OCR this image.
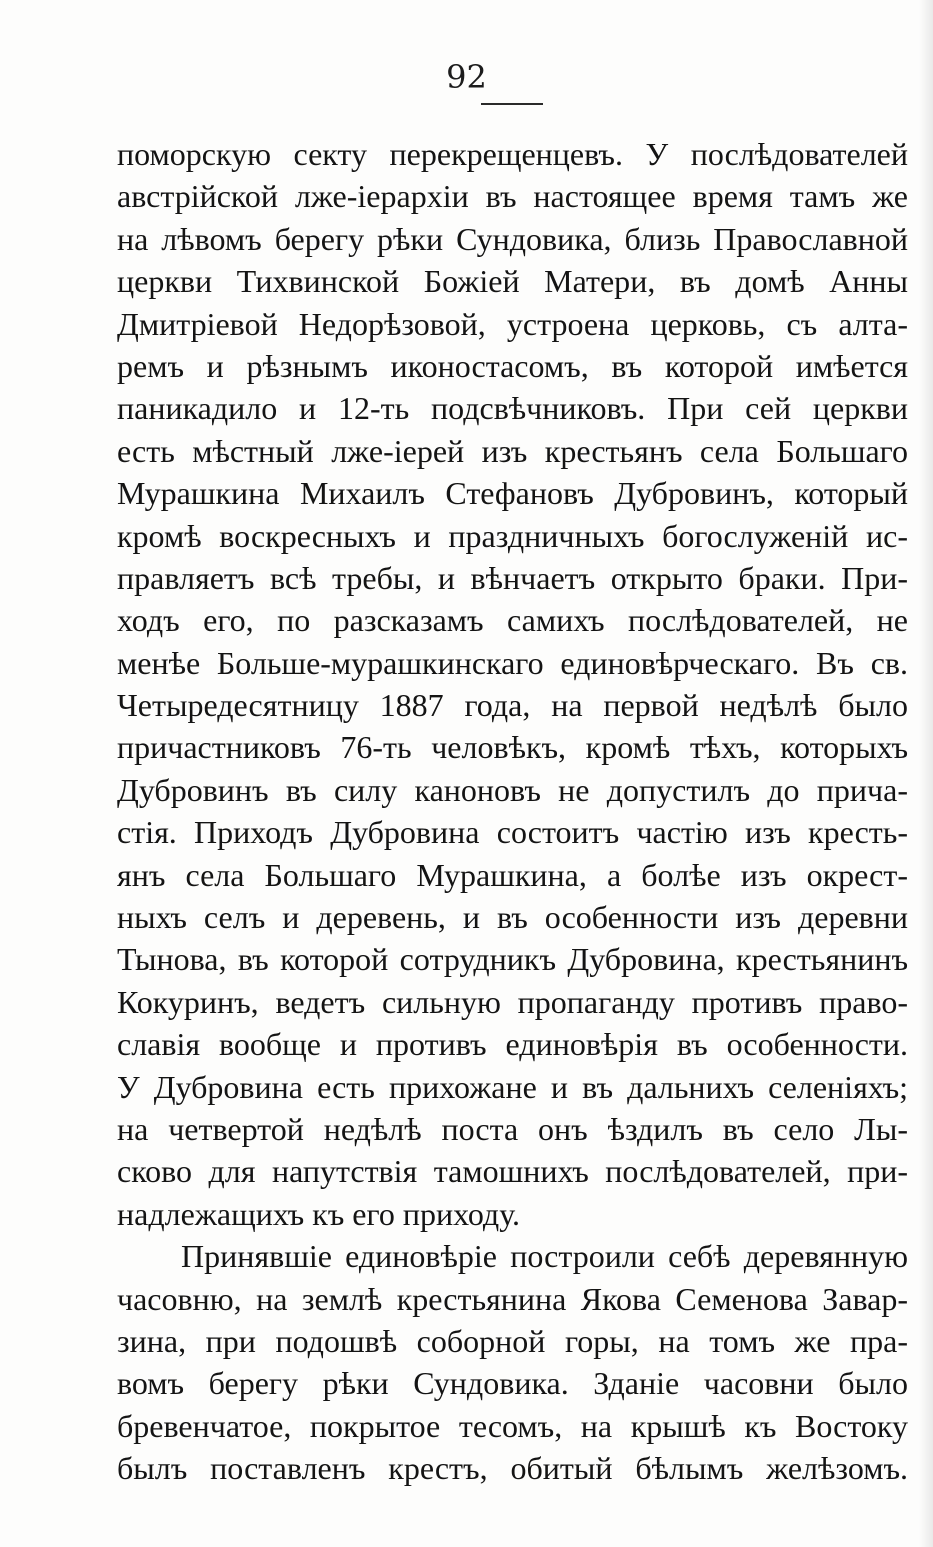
92
поморскую секту перекрещенцевъ. У послѣдователей
австрійской лже-іерархіи въ настоящее время тамъ же
на лѣвомъ берегу рѣки Сундовика, близь Православной
церкви Тихвинской Божіей Матери, въ домѣ Анны
Дмитріевой Недорѣзовой, устроена церковь, съ алта-
ремъ и рѣзнымъ иконостасомъ, въ которой имѣется
паникадило и 12-ть подсвѣчниковъ. При сей церкви
есть мѣстный лже-іерей изъ крестьянъ села Большаго
Мурашкина Михаилъ Стефановъ Дубровинъ, который
кромѣ воскресныхъ и праздничныхъ богослуженій ис-
правляетъ всѣ требы, и вѣнчаетъ открыто браки. При-
ходъ его, по разсказамъ самихъ послѣдователей, не
менѣе Больше-мурашкинскаго единовѣрческаго. Въ св.
Четыредесятницу 1887 года, на первой недѣлѣ было
причастниковъ 76-ть человѣкъ, кромѣ тѣхъ, которыхъ
Дубровинъ въ силу каноновъ не допустилъ до прича-
стія. Приходъ Дубровина состоитъ частію изъ кресть-
янъ села Большаго Мурашкина, а болѣе изъ окрест-
ныхъ селъ и деревень, и въ особенности изъ деревни
Тынова, въ которой сотрудникъ Дубровина, крестьянинъ
Кокуринъ, ведетъ сильную пропаганду противъ право-
славія вообще и противъ единовѣрія въ особенности.
У Дубровина есть прихожане и въ дальнихъ селеніяхъ;
на четвертой недѣлѣ поста онъ ѣздилъ въ село Лы-
сково для напутствія тамошнихъ послѣдователей, при-
надлежащихъ къ его приходу.
Принявшіе единовѣріе построили себѣ деревянную
часовню, на землѣ крестьянина Якова Семенова Завар-
зина, при подошвѣ соборной горы, на томъ же пра-
вомъ берегу рѣки Сундовика. Зданіе часовни было
бревенчатое, покрытое тесомъ, на крышѣ къ Востоку
былъ поставленъ крестъ, обитый бѣлымъ желѣзомъ.
